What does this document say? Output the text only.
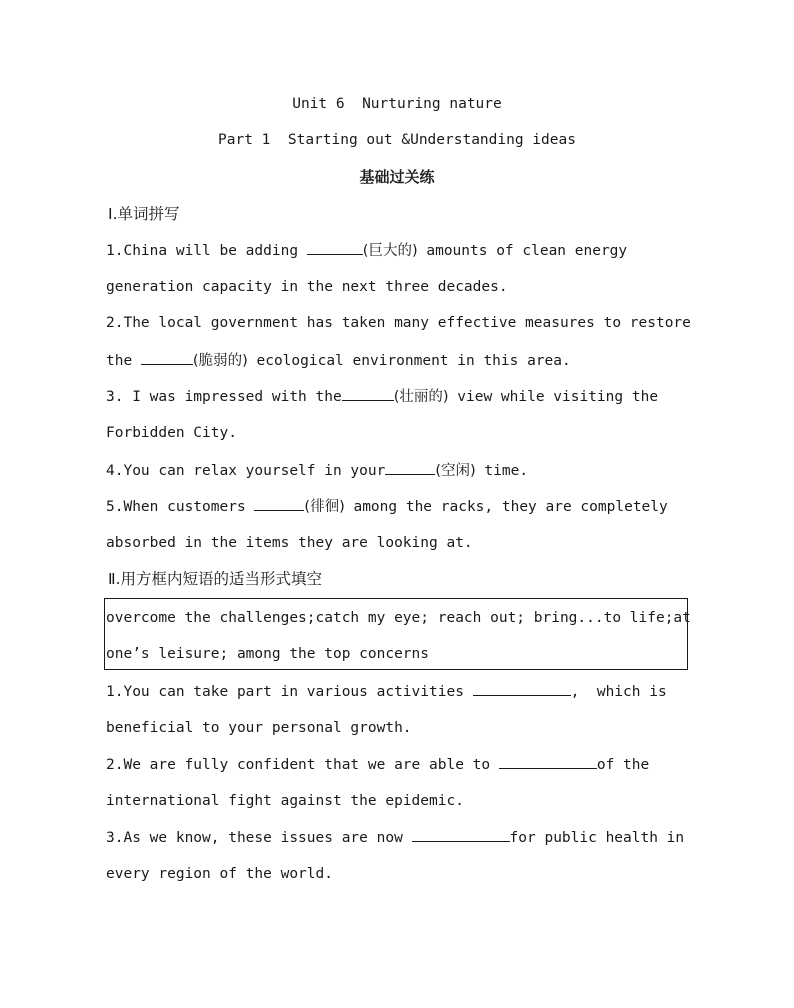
Unit 6  Nurturing nature
Part 1  Starting out &Understanding ideas
基础过关练
Ⅰ.单词拼写
1.China will be adding	(巨大的) amounts of clean energy
generation capacity in the next three decades.
2.The local government has taken many effective measures to restore
the	(脆弱的) ecological environment in this area.
3. I was impressed with the	(壮丽的) view while visiting the
Forbidden City.
4.You can relax yourself in your	(空闲) time.
5.When customers	(徘徊) among the racks, they are completely
absorbed in the items they are looking at.
Ⅱ.用方框内短语的适当形式填空
overcome the challenges;catch my eye; reach out; bring...to life;at
one’s leisure; among the top concerns
1.You can take part in various activities	,  which is
beneficial to your personal growth.
2.We are fully confident that we are able to	of the
international fight against the epidemic.
3.As we know, these issues are now	for public health in
every region of the world.
